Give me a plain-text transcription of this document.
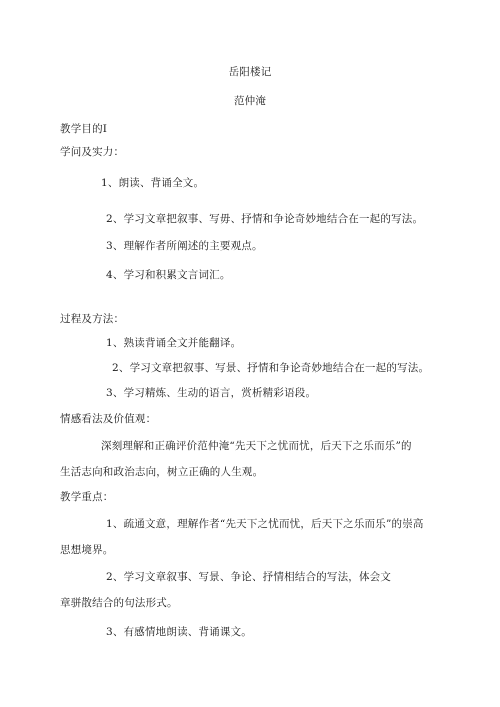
岳阳楼记
范仲淹
教学目的I
学问及实力：
1、朗读、背诵全文。
2、学习文章把叙事、写毋、抒情和争论奇妙地结合在一起的写法。
3、理解作者所阐述的主要观点。
4、学习和积累文言词汇。
过程及方法：
1、熟读背诵全文并能翻译。
2、学习文章把叙事、写景、抒情和争论奇妙地结合在一起的写法。
3、学习精炼、生动的语言，赏析精彩语段。
情感看法及价值观：
深刻理解和正确评价范仲淹“先天下之忧而忧，后天下之乐而乐”的
生活志向和政治志向，树立正确的人生观。
教学重点：
1、疏通文意，理解作者“先天下之忧而忧，后天下之乐而乐”的崇高
思想境界。
2、学习文章叙事、写景、争论、抒情相结合的写法，体会文
章骈散结合的句法形式。
3、有感情地朗读、背诵课文。
